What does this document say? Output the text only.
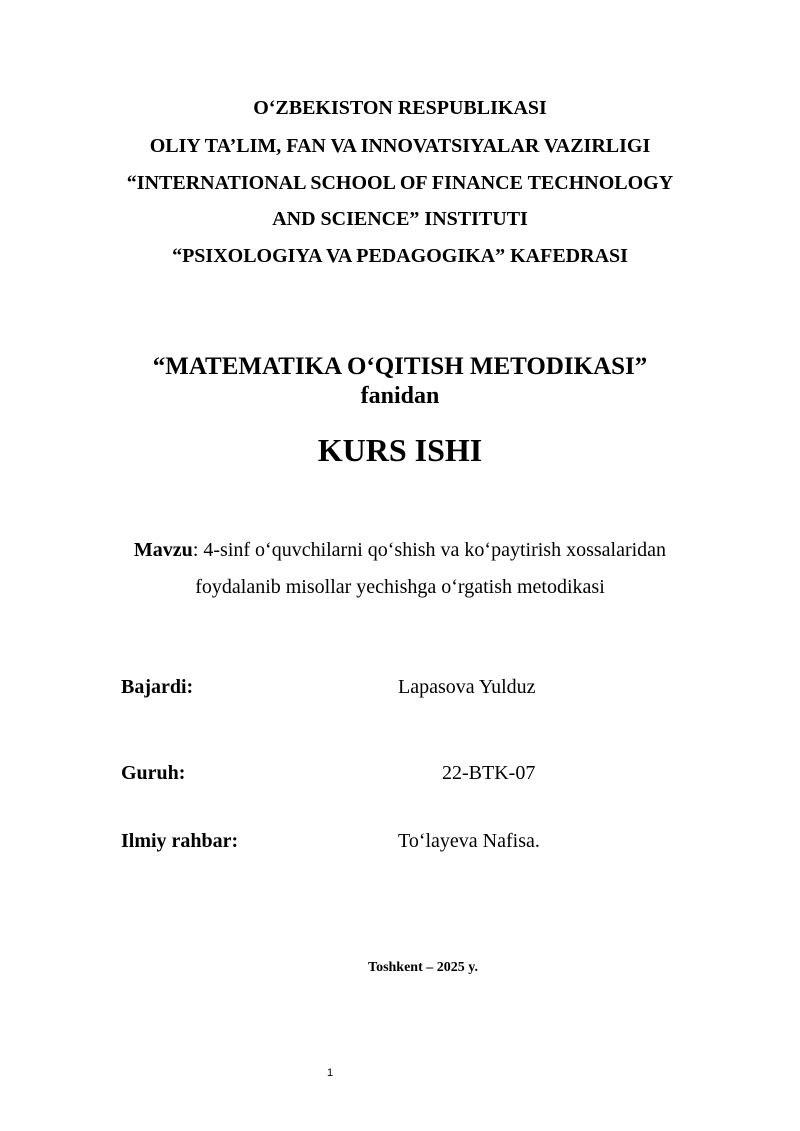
O‘ZBEKISTON RESPUBLIKASI
OLIY TA’LIM, FAN VA INNOVATSIYALAR VAZIRLIGI
“INTERNATIONAL SCHOOL OF FINANCE TECHNOLOGY
AND SCIENCE” INSTITUTI
“PSIXOLOGIYA VA PEDAGOGIKA” KAFEDRASI
“MATEMATIKA O‘QITISH METODIKASI”
fanidan
KURS ISHI
Mavzu: 4-sinf o‘quvchilarni qo‘shish va ko‘paytirish xossalaridan
foydalanib misollar yechishga o‘rgatish metodikasi
Bajardi:	Lapasova Yulduz
Guruh:	22-BTK-07
Ilmiy rahbar:	To‘layeva Nafisa.
Toshkent – 2025 y.
1
